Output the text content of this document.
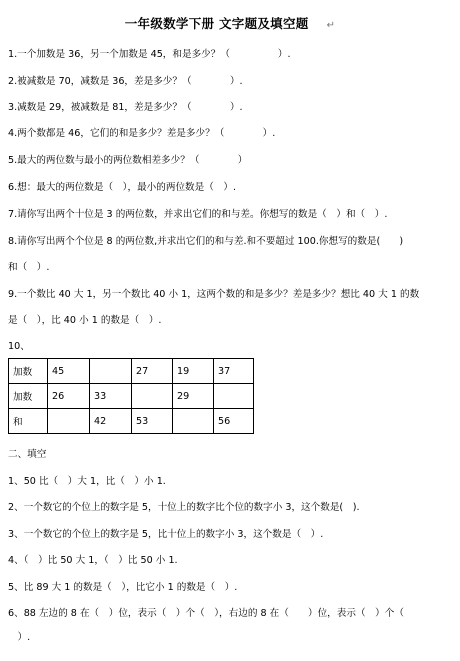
一年级数学下册 文字题及填空题 ↵
1.一个加数是 36，另一个加数是 45，和是多少？（　　　　　）.
2.被减数是 70，减数是 36，差是多少？（　　　　）.
3.减数是 29，被减数是 81，差是多少？（　　　　）.
4.两个数都是 46，它们的和是多少？差是多少？（　　　　）.
5.最大的两位数与最小的两位数相差多少？（　　　　）
6.想：最大的两位数是（　），最小的两位数是（　）.
7.请你写出两个十位是 3 的两位数，并求出它们的和与差。你想写的数是（　）和（　）.
8.请你写出两个个位是 8 的两位数,并求出它们的和与差.和不要超过 100.你想写的数是(　　)
和（　）.
9.一个数比 40 大 1，另一个数比 40 小 1，这两个数的和是多少？差是多少？想比 40 大 1 的数
是（　），比 40 小 1 的数是（　）.
10、
加数	45		27	19	37
加数	26	33		29	
和		42	53		56
二、填空
1、50 比（　）大 1，比（　）小 1.
2、一个数它的个位上的数字是 5，十位上的数字比个位的数字小 3，这个数是(　).
3、一个数它的个位上的数字是 5，比十位上的数字小 3，这个数是（　）.
4、（　）比 50 大 1，（　）比 50 小 1.
5、比 89 大 1 的数是（　），比它小 1 的数是（　）.
6、88 左边的 8 在（　）位，表示（　）个（　），右边的 8 在（　　）位，表示（　）个（
　）.
